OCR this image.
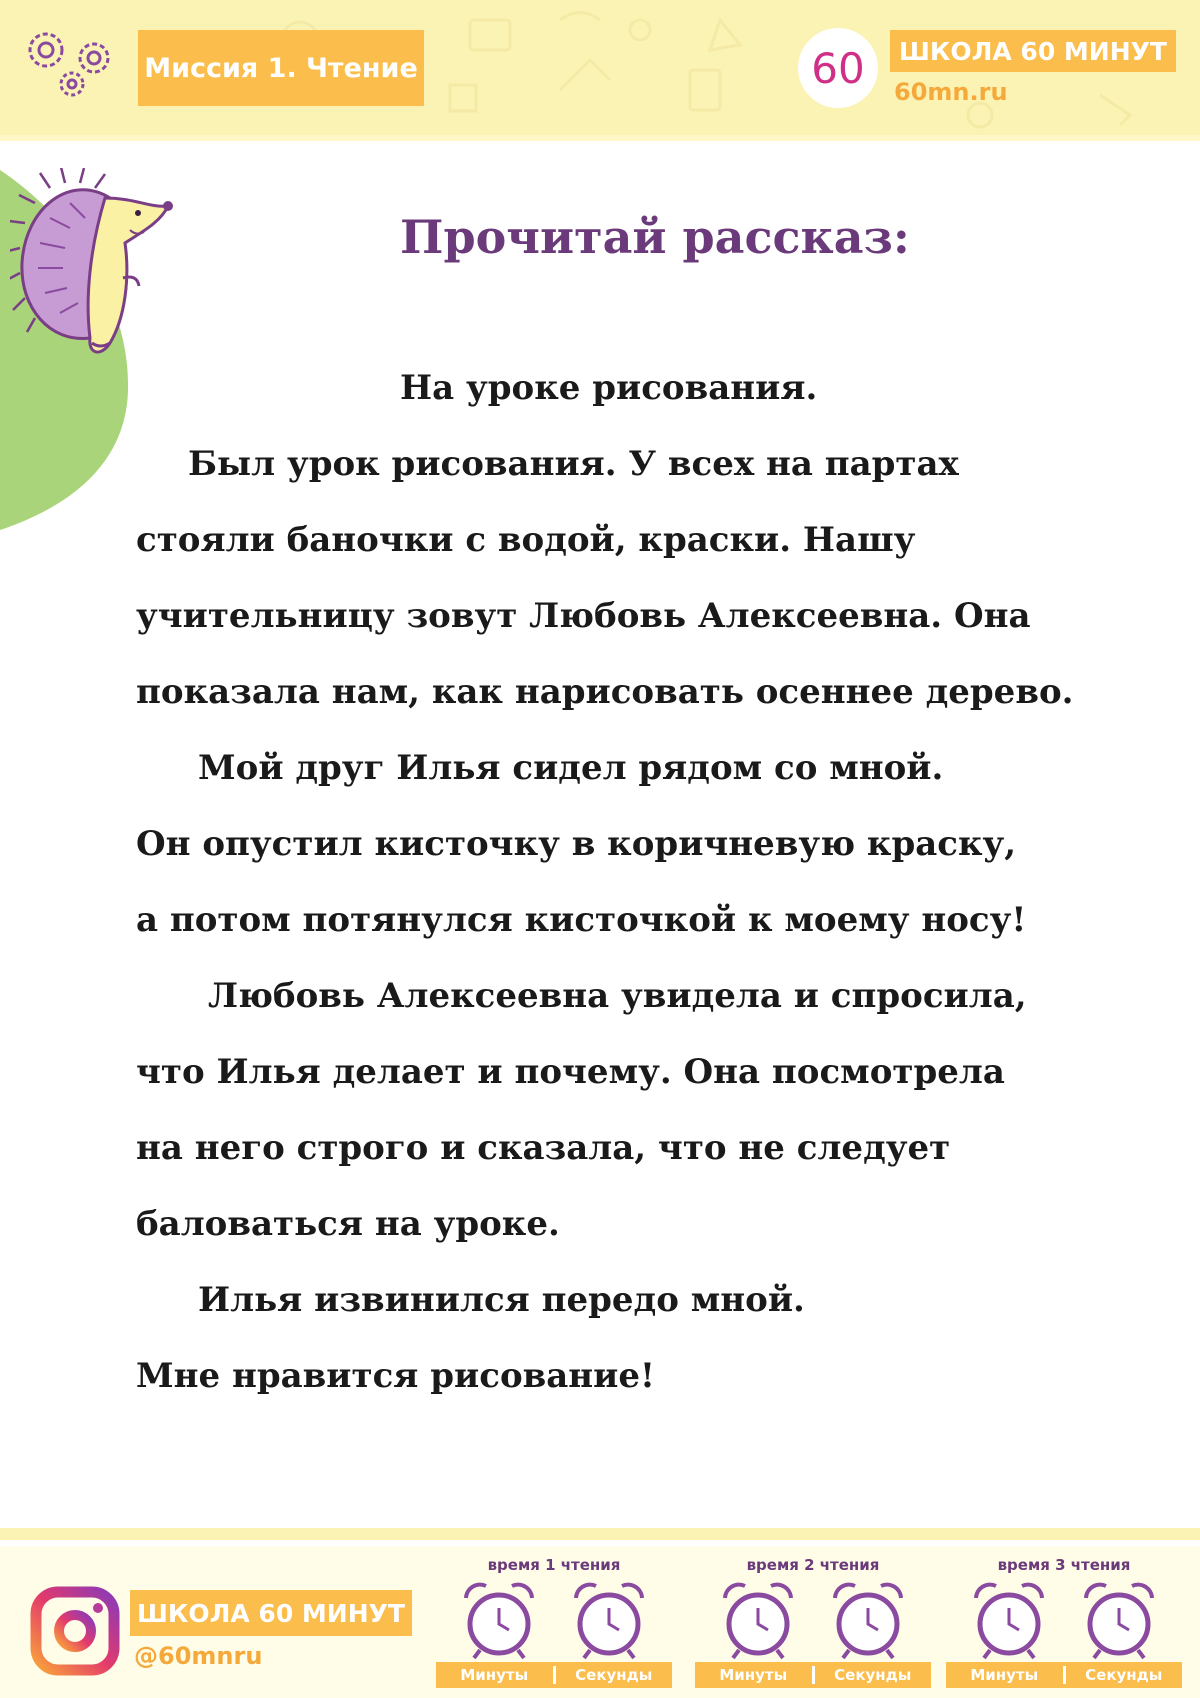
Миссия 1. Чтение	60	ШКОЛА 60 МИНУТ
60mn.ru
Прочитай рассказ:

На уроке рисования.

Был урок рисования. У всех на партах

стояли баночки с водой, краски. Нашу

учительницу зовут Любовь Алексеевна. Она

показала нам, как нарисовать осеннее дерево.

Мой друг Илья сидел рядом со мной.

Он опустил кисточку в коричневую краску,

а потом потянулся кисточкой к моему носу!

Любовь Алексеевна увидела и спросила,

что Илья делает и почему. Она посмотрела

на него строго и сказала, что не следует

баловаться на уроке.

Илья извинился передо мной.

Мне нравится рисование!

ШКОЛА 60 МИНУТ
@60mnru
время 1 чтения
Минуты	Секунды
время 2 чтения
Минуты	Секунды
время 3 чтения
Минуты	Секунды
